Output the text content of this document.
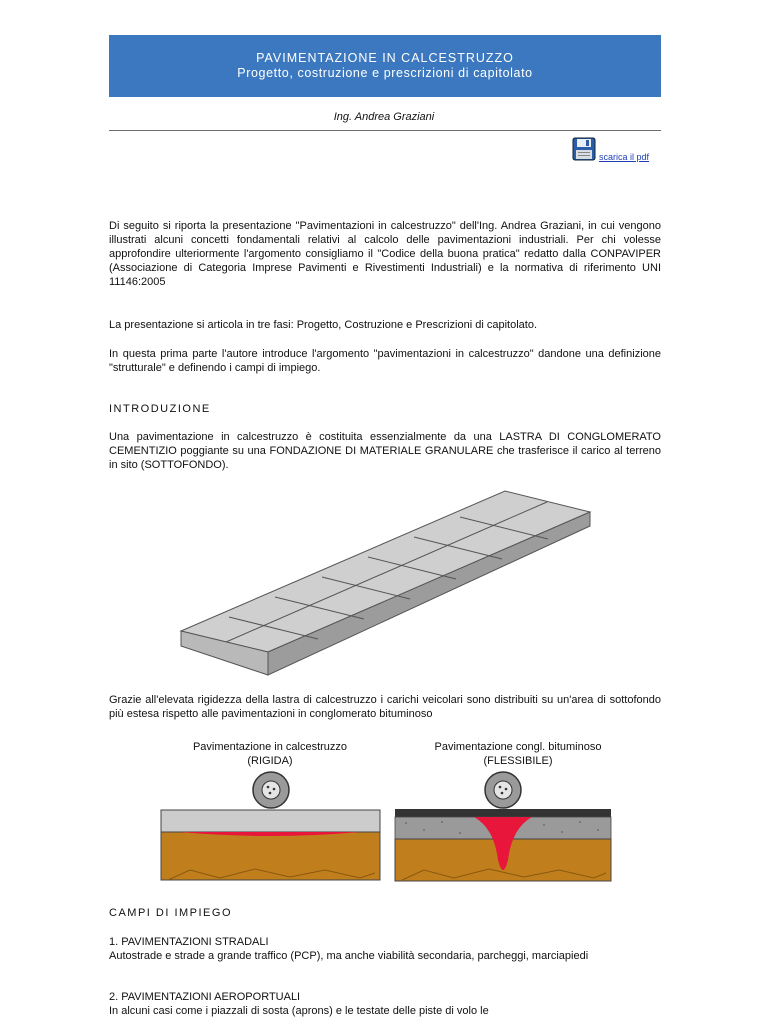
PAVIMENTAZIONE IN CALCESTRUZZO
Progetto, costruzione e prescrizioni di capitolato
Ing. Andrea Graziani
scarica il pdf

Di seguito si riporta la presentazione "Pavimentazioni in calcestruzzo" dell'Ing. Andrea Graziani, in cui vengono illustrati alcuni concetti fondamentali relativi al calcolo delle pavimentazioni industriali. Per chi volesse approfondire ulteriormente l'argomento consigliamo il "Codice della buona pratica" redatto dalla CONPAVIPER (Associazione di Categoria Imprese Pavimenti e Rivestimenti Industriali) e la normativa di riferimento UNI 11146:2005

La presentazione si articola in tre fasi: Progetto, Costruzione e Prescrizioni di capitolato.

In questa prima parte l'autore introduce l'argomento "pavimentazioni in calcestruzzo" dandone una definizione "strutturale" e definendo i campi di impiego.

INTRODUZIONE

Una pavimentazione in calcestruzzo è costituita essenzialmente da una LASTRA DI CONGLOMERATO CEMENTIZIO poggiante su una FONDAZIONE DI MATERIALE GRANULARE che trasferisce il carico al terreno in sito (SOTTOFONDO).

Grazie all'elevata rigidezza della lastra di calcestruzzo i carichi veicolari sono distribuiti su un'area di sottofondo più estesa rispetto alle pavimentazioni in conglomerato bituminoso

Pavimentazione in calcestruzzo
(RIGIDA)
Pavimentazione congl. bituminoso
(FLESSIBILE)
CAMPI DI IMPIEGO

1. PAVIMENTAZIONI STRADALI

Autostrade e strade a grande traffico (PCP), ma anche viabilità secondaria, parcheggi, marciapiedi

2. PAVIMENTAZIONI AEROPORTUALI

In alcuni casi come i piazzali di sosta (aprons) e le testate delle piste di volo le
